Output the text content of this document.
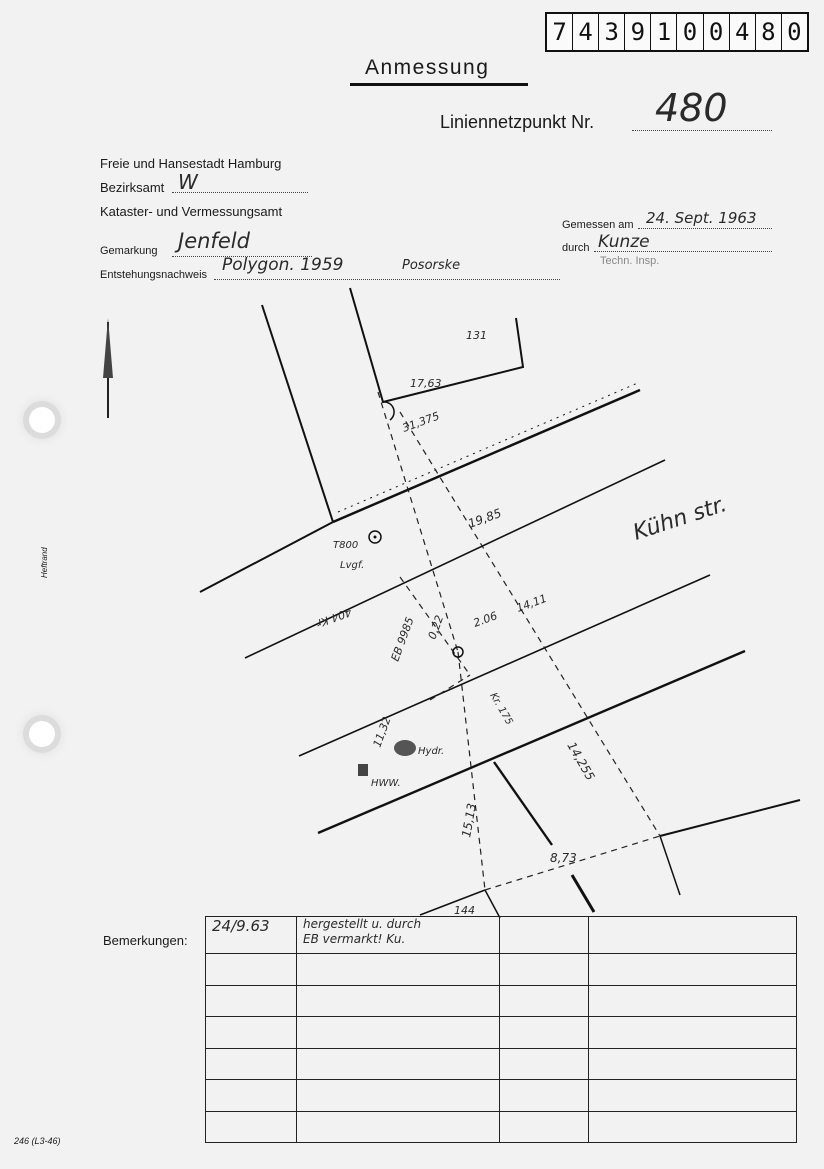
7 4 3 9 1 0 0 4 8 0
Anmessung
Liniennetzpunkt Nr. 480
Freie und Hansestadt Hamburg
Bezirksamt W
Kataster- und Vermessungsamt
Gemarkung Jenfeld
Entstehungsnachweis Polygon. 1959	Posorske
Gemessen am 24. Sept. 1963
durch Kunze
Techn. Insp.
Heftrand
131
17,63
31,375
19,85	Kühn str.
T800
Lvgf.
404 Kr	2.06
14,11
0,22
EB 9985
11,32
HWW.
Hydr.
Kr. 175
14,255
15,13
8,73
144
Bemerkungen:
24/9.63	hergestellt u. durch
EB vermarkt! Ku.		

246 (L3-46)
